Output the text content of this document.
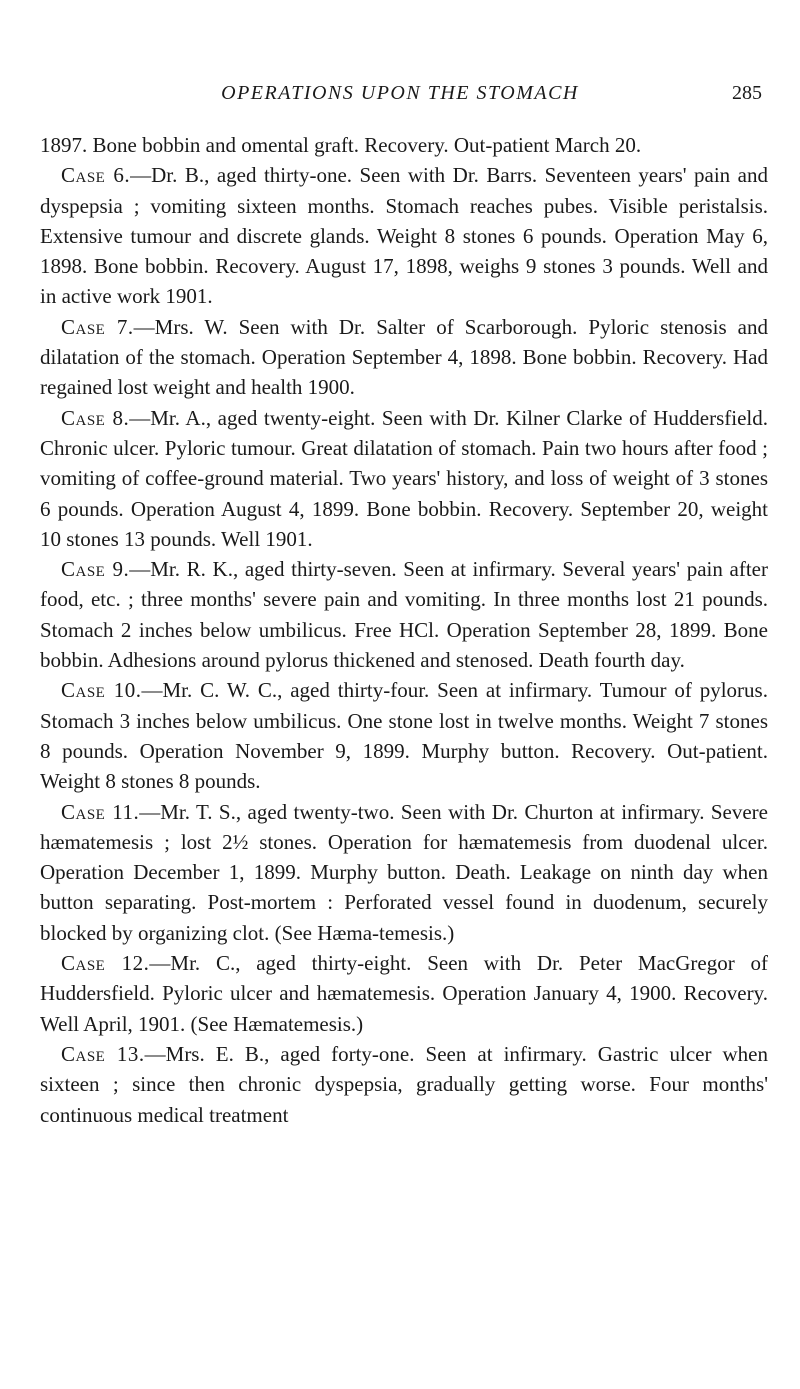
OPERATIONS UPON THE STOMACH	285

1897. Bone bobbin and omental graft. Recovery. Out-patient March 20.

Case 6.—Dr. B., aged thirty-one. Seen with Dr. Barrs. Seventeen years' pain and dyspepsia ; vomiting sixteen months. Stomach reaches pubes. Visible peristalsis. Extensive tumour and discrete glands. Weight 8 stones 6 pounds. Operation May 6, 1898. Bone bobbin. Recovery. August 17, 1898, weighs 9 stones 3 pounds. Well and in active work 1901.

Case 7.—Mrs. W. Seen with Dr. Salter of Scarborough. Pyloric stenosis and dilatation of the stomach. Operation September 4, 1898. Bone bobbin. Recovery. Had regained lost weight and health 1900.

Case 8.—Mr. A., aged twenty-eight. Seen with Dr. Kilner Clarke of Huddersfield. Chronic ulcer. Pyloric tumour. Great dilatation of stomach. Pain two hours after food ; vomiting of coffee-ground material. Two years' history, and loss of weight of 3 stones 6 pounds. Operation August 4, 1899. Bone bobbin. Recovery. September 20, weight 10 stones 13 pounds. Well 1901.

Case 9.—Mr. R. K., aged thirty-seven. Seen at infirmary. Several years' pain after food, etc. ; three months' severe pain and vomiting. In three months lost 21 pounds. Stomach 2 inches below umbilicus. Free HCl. Operation September 28, 1899. Bone bobbin. Adhesions around pylorus thickened and stenosed. Death fourth day.

Case 10.—Mr. C. W. C., aged thirty-four. Seen at infirmary. Tumour of pylorus. Stomach 3 inches below umbilicus. One stone lost in twelve months. Weight 7 stones 8 pounds. Operation November 9, 1899. Murphy button. Recovery. Out-patient. Weight 8 stones 8 pounds.

Case 11.—Mr. T. S., aged twenty-two. Seen with Dr. Churton at infirmary. Severe hæmatemesis ; lost 2½ stones. Operation for hæmatemesis from duodenal ulcer. Operation December 1, 1899. Murphy button. Death. Leakage on ninth day when button separating. Post-mortem : Perforated vessel found in duodenum, securely blocked by organizing clot. (See Hæma-temesis.)

Case 12.—Mr. C., aged thirty-eight. Seen with Dr. Peter MacGregor of Huddersfield. Pyloric ulcer and hæmatemesis. Operation January 4, 1900. Recovery. Well April, 1901. (See Hæmatemesis.)

Case 13.—Mrs. E. B., aged forty-one. Seen at infirmary. Gastric ulcer when sixteen ; since then chronic dyspepsia, gradually getting worse. Four months' continuous medical treatment
